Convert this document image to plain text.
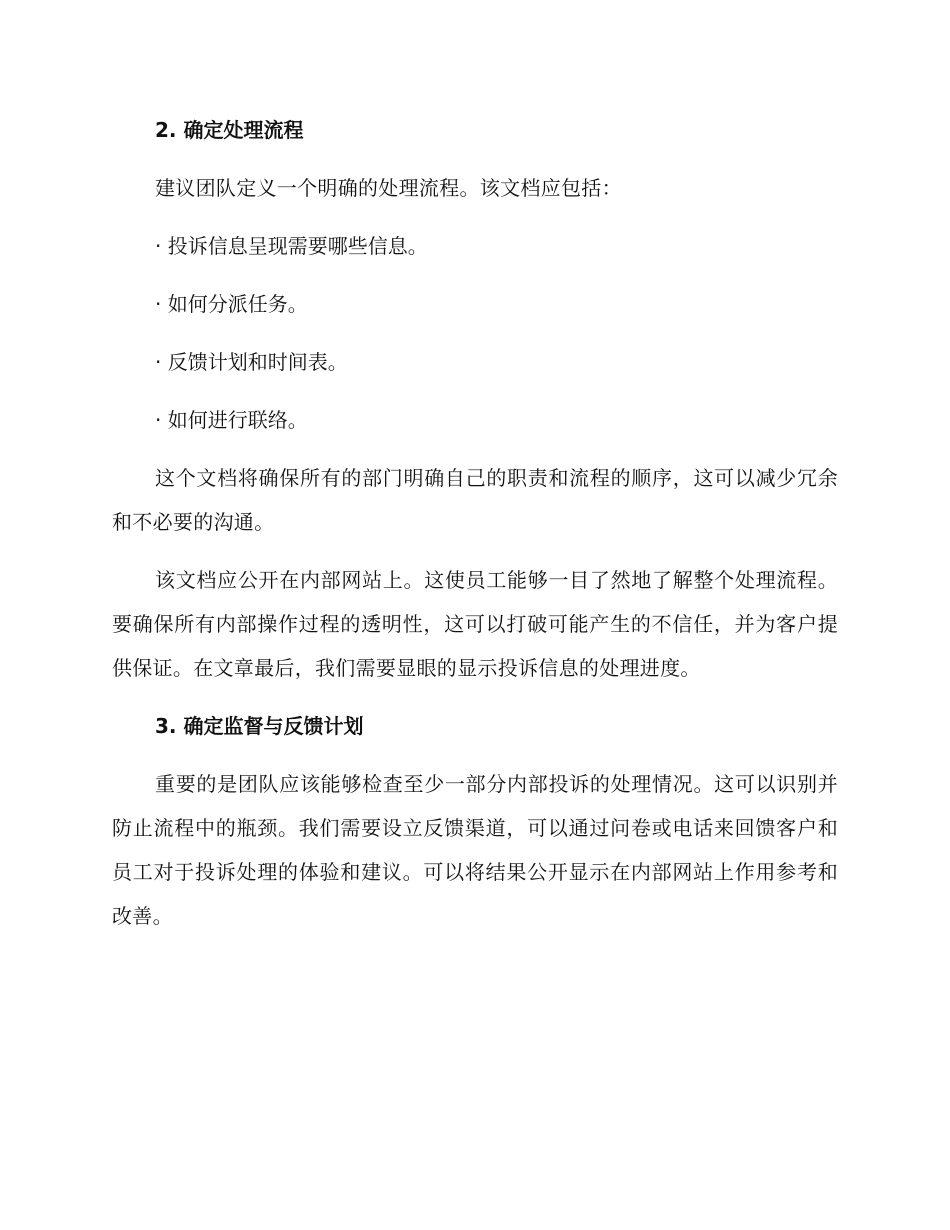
2. 确定处理流程

建议团队定义一个明确的处理流程。该文档应包括：

· 投诉信息呈现需要哪些信息。
· 如何分派任务。
· 反馈计划和时间表。
· 如何进行联络。

这个文档将确保所有的部门明确自己的职责和流程的顺序，这可以减少冗余和不必要的沟通。

该文档应公开在内部网站上。这使员工能够一目了然地了解整个处理流程。要确保所有内部操作过程的透明性，这可以打破可能产生的不信任，并为客户提供保证。在文章最后，我们需要显眼的显示投诉信息的处理进度。

3. 确定监督与反馈计划

重要的是团队应该能够检查至少一部分内部投诉的处理情况。这可以识别并防止流程中的瓶颈。我们需要设立反馈渠道，可以通过问卷或电话来回馈客户和员工对于投诉处理的体验和建议。可以将结果公开显示在内部网站上作用参考和改善。
